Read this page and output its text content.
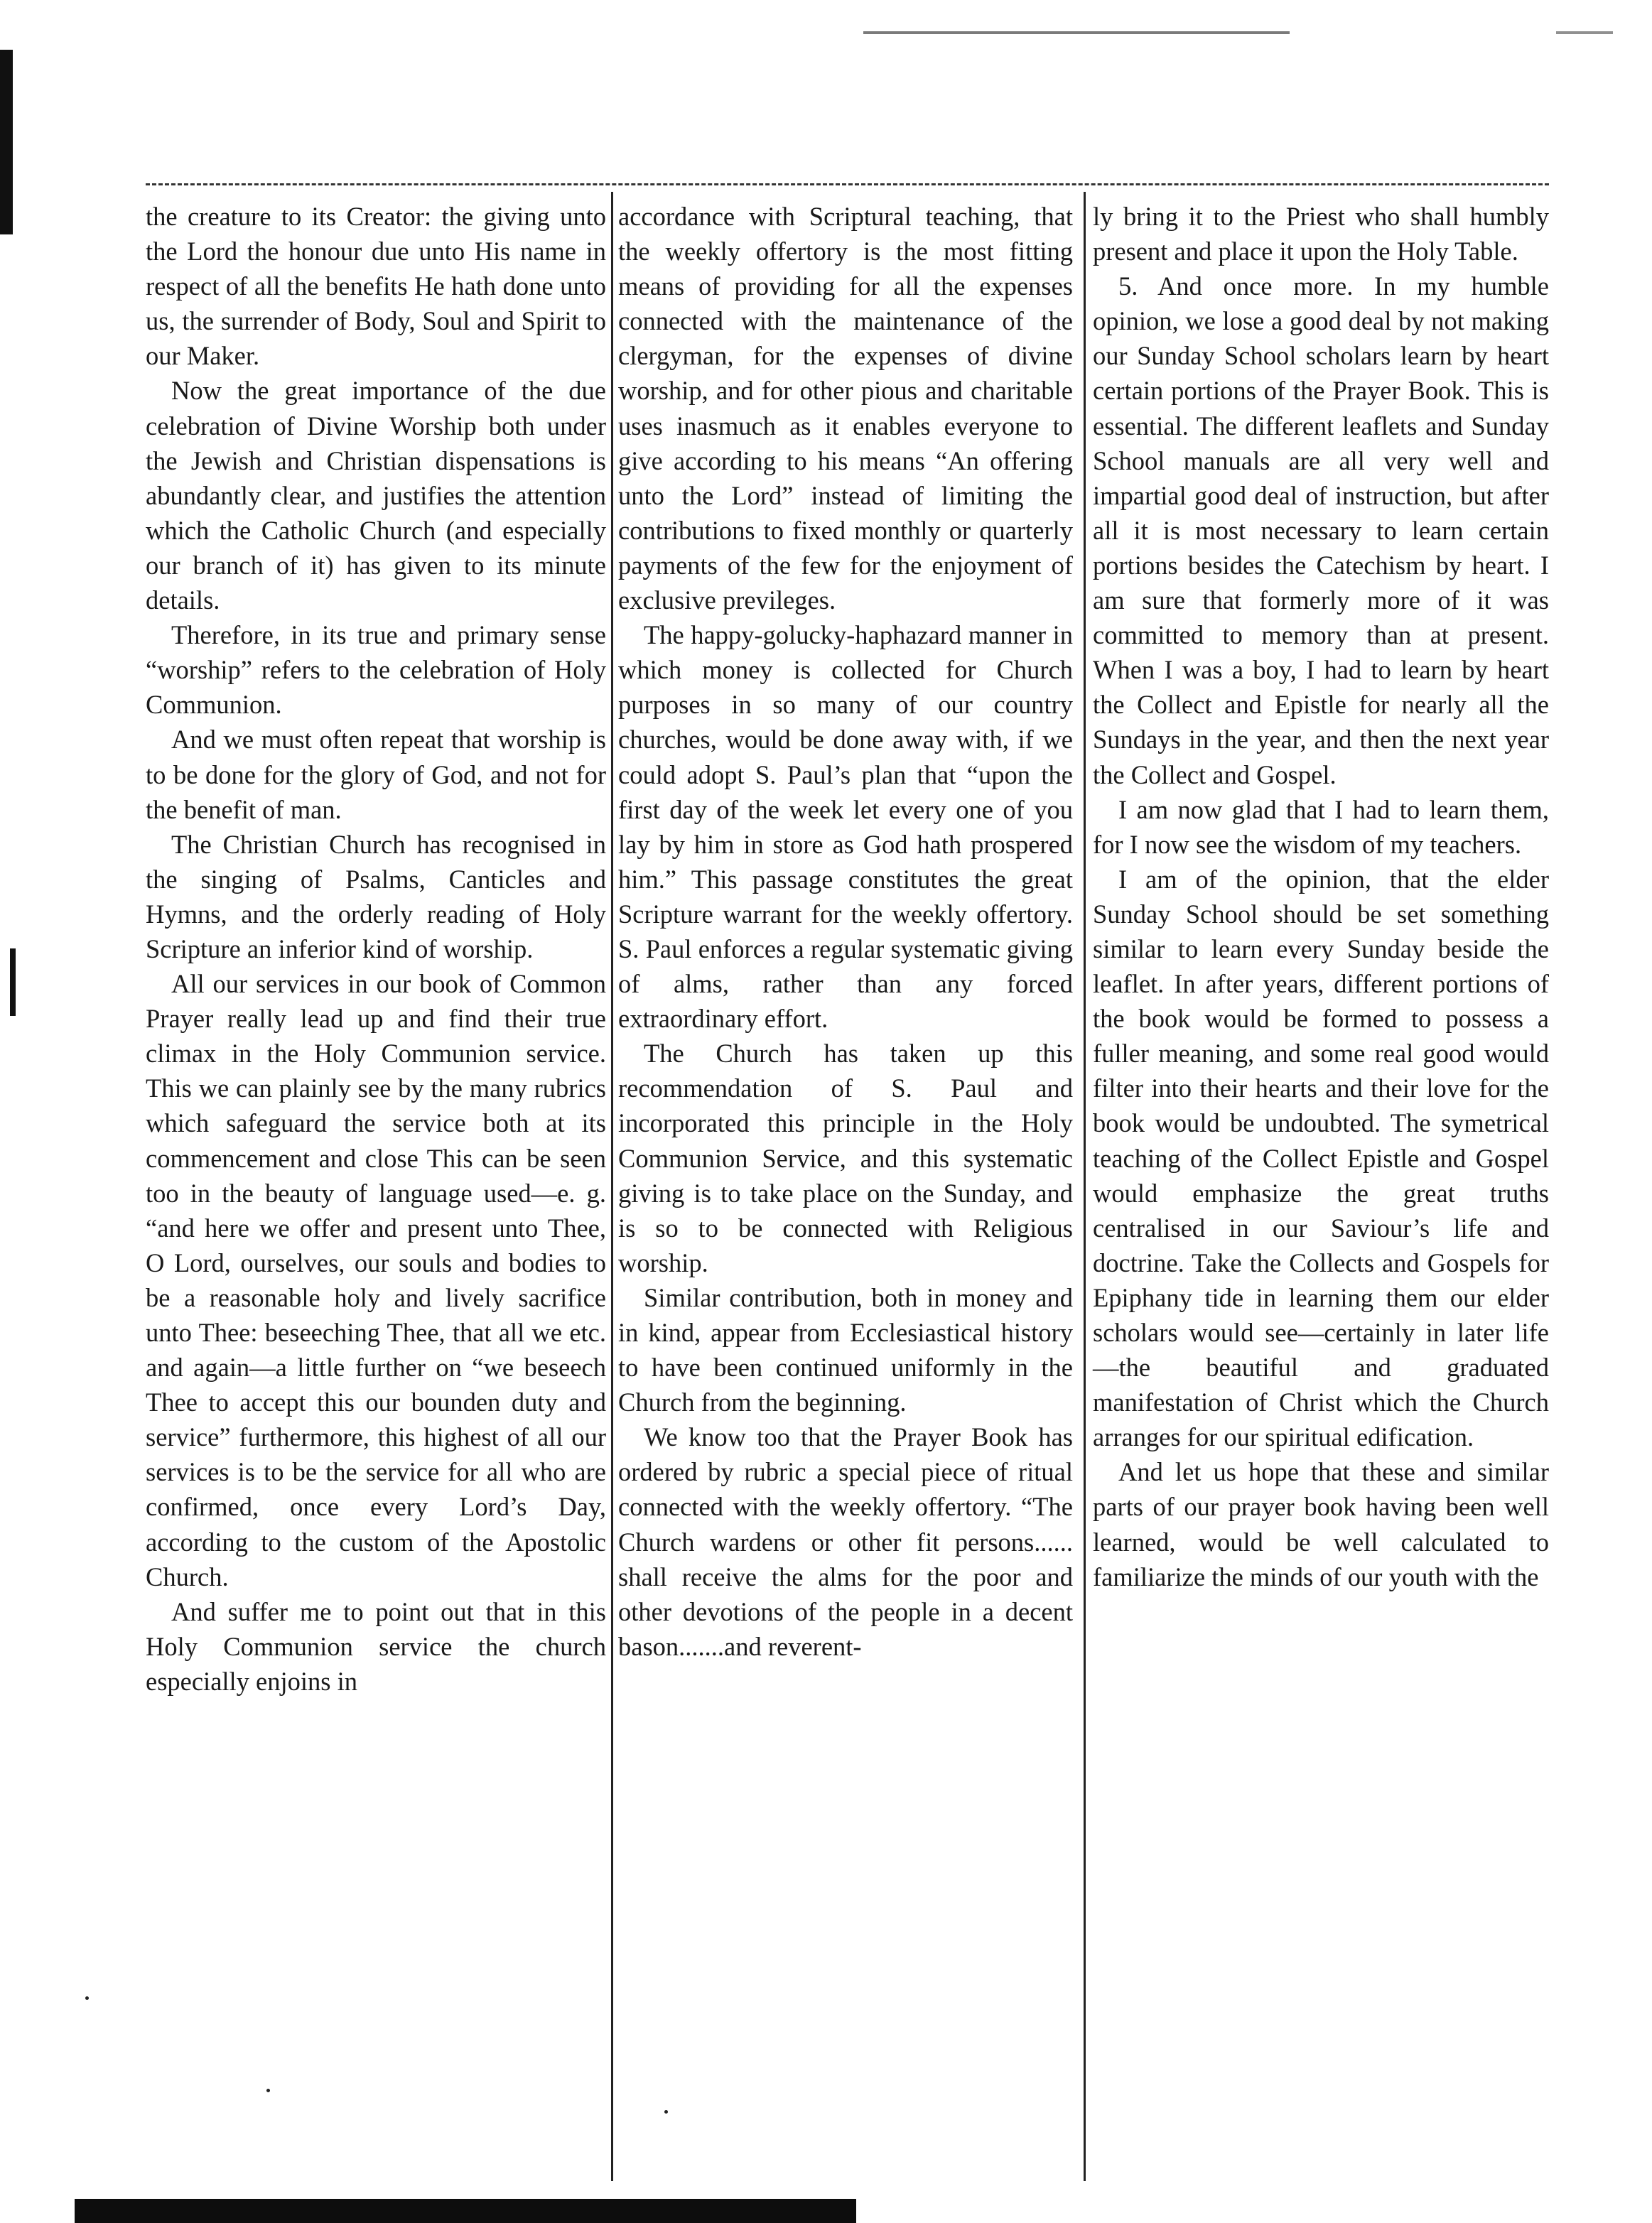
the creature to its Creator: the giving unto the Lord the honour due unto His name in respect of all the benefits He hath done unto us, the surrender of Body, Soul and Spirit to our Maker.

Now the great importance of the due celebration of Divine Worship both under the Jewish and Christian dispensations is abundantly clear, and justifies the attention which the Catholic Church (and especially our branch of it) has given to its minute details.

Therefore, in its true and primary sense “worship” refers to the celebration of Holy Communion.

And we must often repeat that worship is to be done for the glory of God, and not for the benefit of man.

The Christian Church has recognised in the singing of Psalms, Canticles and Hymns, and the orderly reading of Holy Scripture an inferior kind of worship.

All our services in our book of Common Prayer really lead up and find their true climax in the Holy Communion service. This we can plainly see by the many rubrics which safeguard the service both at its commencement and close This can be seen too in the beauty of language used—e. g. “and here we offer and present unto Thee, O Lord, ourselves, our souls and bodies to be a reasonable holy and lively sacrifice unto Thee: beseeching Thee, that all we etc. and again—a little further on “we beseech Thee to accept this our bounden duty and service” furthermore, this highest of all our services is to be the service for all who are confirmed, once every Lord’s Day, according to the custom of the Apostolic Church.

And suffer me to point out that in this Holy Communion service the church especially enjoins in

accordance with Scriptural teaching, that the weekly offertory is the most fitting means of providing for all the expenses connected with the maintenance of the clergyman, for the expenses of divine worship, and for other pious and charitable uses inasmuch as it enables everyone to give according to his means “An offering unto the Lord” instead of limiting the contributions to fixed monthly or quarterly payments of the few for the enjoyment of exclusive previleges.

The happy-golucky-haphazard manner in which money is collected for Church purposes in so many of our country churches, would be done away with, if we could adopt S. Paul’s plan that “upon the first day of the week let every one of you lay by him in store as God hath prospered him.” This passage constitutes the great Scripture warrant for the weekly offertory. S. Paul enforces a regular systematic giving of alms, rather than any forced extraordinary effort.

The Church has taken up this recommendation of S. Paul and incorporated this principle in the Holy Communion Service, and this systematic giving is to take place on the Sunday, and is so to be connected with Religious worship.

Similar contribution, both in money and in kind, appear from Ecclesiastical history to have been continued uniformly in the Church from the beginning.

We know too that the Prayer Book has ordered by rubric a special piece of ritual connected with the weekly offertory. “The Church wardens or other fit persons...... shall receive the alms for the poor and other devotions of the people in a decent bason.......and reverent-

ly bring it to the Priest who shall humbly present and place it upon the Holy Table.

5. And once more. In my humble opinion, we lose a good deal by not making our Sunday School scholars learn by heart certain portions of the Prayer Book. This is essential. The different leaflets and Sunday School manuals are all very well and impartial good deal of instruction, but after all it is most necessary to learn certain portions besides the Catechism by heart. I am sure that formerly more of it was committed to memory than at present. When I was a boy, I had to learn by heart the Collect and Epistle for nearly all the Sundays in the year, and then the next year the Collect and Gospel.

I am now glad that I had to learn them, for I now see the wisdom of my teachers.

I am of the opinion, that the elder Sunday School should be set something similar to learn every Sunday beside the leaflet. In after years, different portions of the book would be formed to possess a fuller meaning, and some real good would filter into their hearts and their love for the book would be undoubted. The symetrical teaching of the Collect Epistle and Gospel would emphasize the great truths centralised in our Saviour’s life and doctrine. Take the Collects and Gospels for Epiphany tide in learning them our elder scholars would see—certainly in later life—the beautiful and graduated manifestation of Christ which the Church arranges for our spiritual edification.

And let us hope that these and similar parts of our prayer book having been well learned, would be well calculated to familiarize the minds of our youth with the
